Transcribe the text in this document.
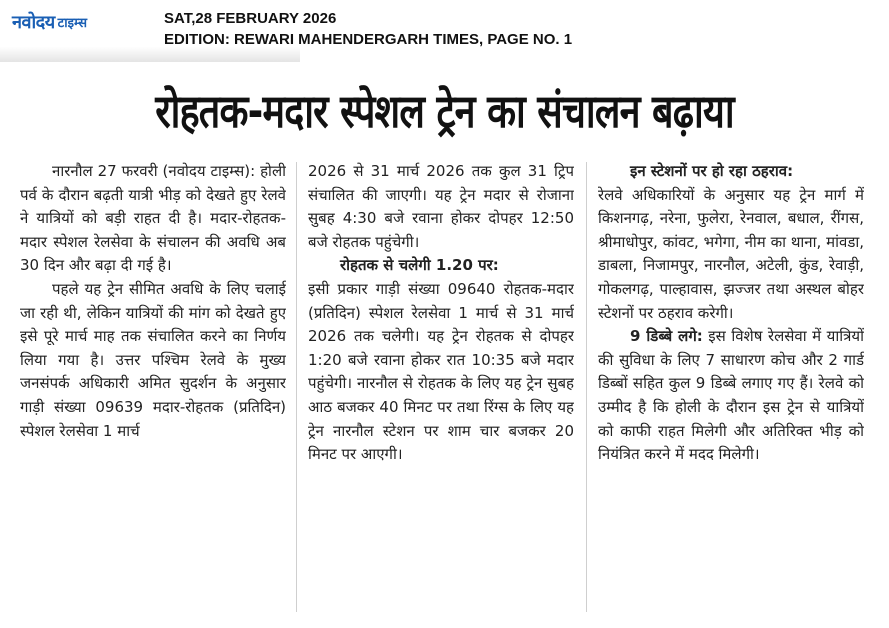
नवोदय टाइम्स	SAT,28 FEBRUARY 2026
EDITION: REWARI MAHENDERGARH TIMES, PAGE NO. 1
रोहतक-मदार स्पेशल ट्रेन का संचालन बढ़ाया

नारनौल 27 फरवरी (नवोदय टाइम्स): होली पर्व के दौरान बढ़ती यात्री भीड़ को देखते हुए रेलवे ने यात्रियों को बड़ी राहत दी है। मदार-रोहतक-मदार स्पेशल रेलसेवा के संचालन की अवधि अब 30 दिन और बढ़ा दी गई है।

पहले यह ट्रेन सीमित अवधि के लिए चलाई जा रही थी, लेकिन यात्रियों की मांग को देखते हुए इसे पूरे मार्च माह तक संचालित करने का निर्णय लिया गया है। उत्तर पश्चिम रेलवे के मुख्य जनसंपर्क अधिकारी अमित सुदर्शन के अनुसार गाड़ी संख्या 09639 मदार-रोहतक (प्रतिदिन) स्पेशल रेलसेवा 1 मार्च

2026 से 31 मार्च 2026 तक कुल 31 ट्रिप संचालित की जाएगी। यह ट्रेन मदार से रोजाना सुबह 4:30 बजे रवाना होकर दोपहर 12:50 बजे रोहतक पहुंचेगी।

रोहतक से चलेगी 1.20 पर:

इसी प्रकार गाड़ी संख्या 09640 रोहतक-मदार (प्रतिदिन) स्पेशल रेलसेवा 1 मार्च से 31 मार्च 2026 तक चलेगी। यह ट्रेन रोहतक से दोपहर 1:20 बजे रवाना होकर रात 10:35 बजे मदार पहुंचेगी। नारनौल से रोहतक के लिए यह ट्रेन सुबह आठ बजकर 40 मिनट पर तथा रिंग्स के लिए यह ट्रेन नारनौल स्टेशन पर शाम चार बजकर 20 मिनट पर आएगी।

इन स्टेशनों पर हो रहा ठहराव:

रेलवे अधिकारियों के अनुसार यह ट्रेन मार्ग में किशनगढ़, नरेना, फुलेरा, रेनवाल, बधाल, रींगस, श्रीमाधोपुर, कांवट, भगेगा, नीम का थाना, मांवडा, डाबला, निजामपुर, नारनौल, अटेली, कुंड, रेवाड़ी, गोकलगढ़, पाल्हावास, झज्जर तथा अस्थल बोहर स्टेशनों पर ठहराव करेगी।

9 डिब्बे लगे: इस विशेष रेलसेवा में यात्रियों की सुविधा के लिए 7 साधारण कोच और 2 गार्ड डिब्बों सहित कुल 9 डिब्बे लगाए गए हैं। रेलवे को उम्मीद है कि होली के दौरान इस ट्रेन से यात्रियों को काफी राहत मिलेगी और अतिरिक्त भीड़ को नियंत्रित करने में मदद मिलेगी।
